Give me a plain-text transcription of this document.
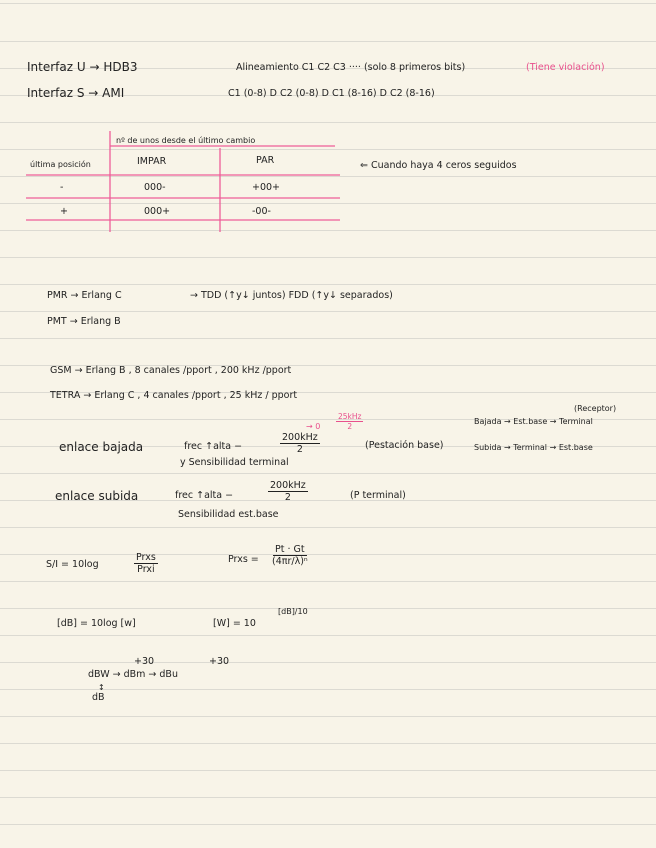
Interfaz U → HDB3	Alineamiento C1 C2 C3 ···· (solo 8 primeros bits)	(Tiene violación)
Interfaz S → AMI	C1 (0-8) D C2 (0-8) D C1 (8-16) D C2 (8-16)
nº de unos desde el último cambio
última posición	IMPAR	PAR
-	000-	+00+
+	000+	-00-
⇐ Cuando haya 4 ceros seguidos
PMR → Erlang C	→ TDD (↑y↓ juntos) FDD (↑y↓ separados)
PMT → Erlang B
GSM → Erlang B , 8 canales /pport , 200 kHz /pport
TETRA → Erlang C , 4 canales /pport , 25 kHz / pport
→ 0
25kHz
2
(Receptor)
Bajada → Est.base → Terminal
Subida → Terminal → Est.base
enlace bajada	frec ↑alta −
200kHz
2	(Pestación base)
y Sensibilidad terminal
enlace subida	frec ↑alta −
200kHz
2	(P terminal)
Sensibilidad est.base
S/I = 10log
Prxs
Prxi
Prxs = $\frac{Pt \cdot Gt}{\text{(4πr/λ)ⁿ}}$
[dB] = 10log [w]	[W] = 10
[dB]/10
+30	+30
dBW → dBm → dBu
↕
dB
